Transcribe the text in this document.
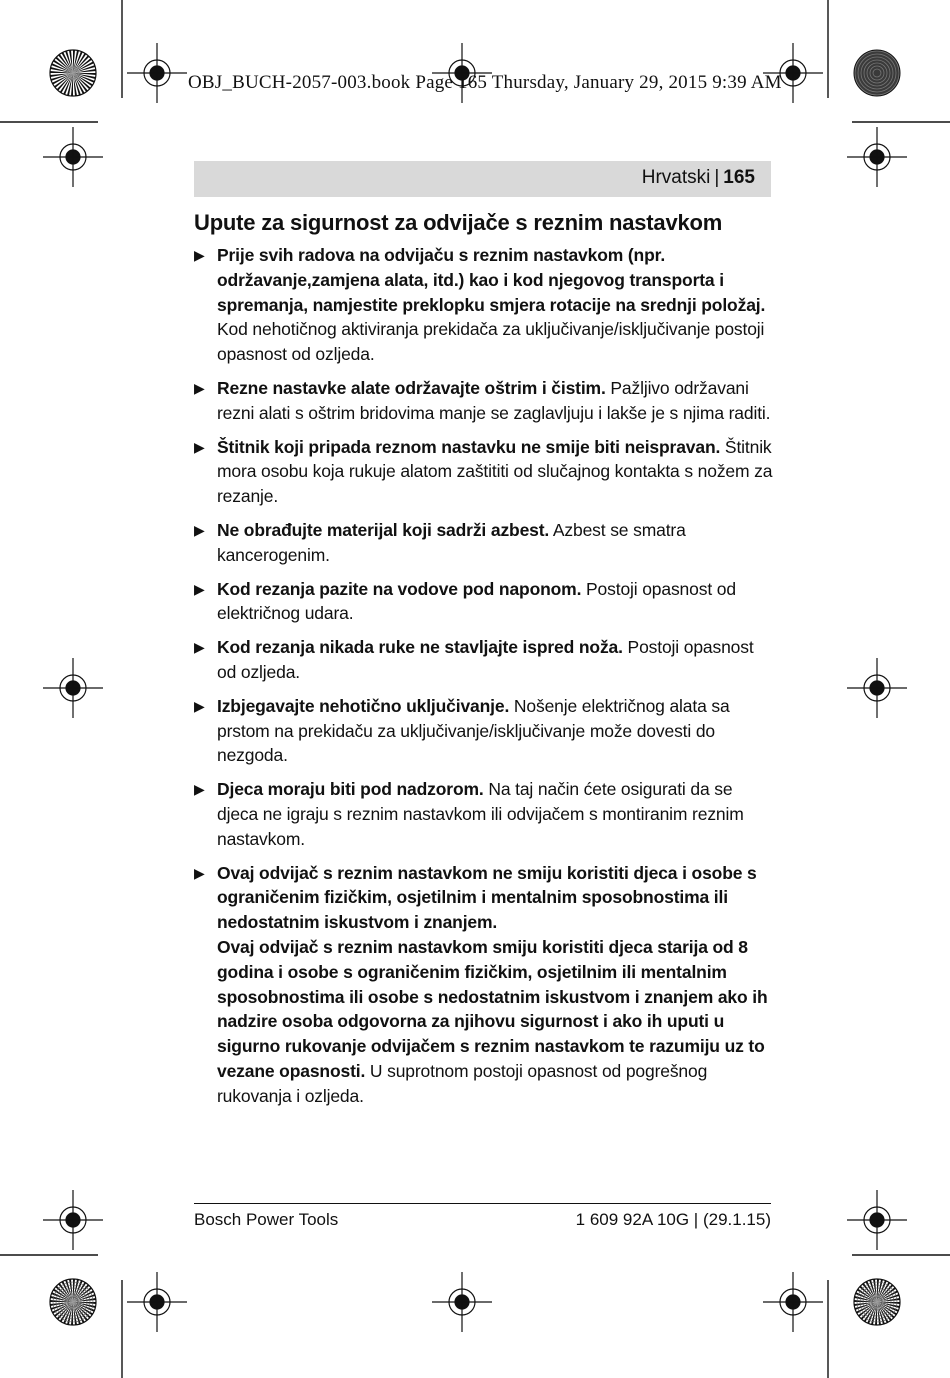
OBJ_BUCH-2057-003.book Page 165 Thursday, January 29, 2015 9:39 AM
Hrvatski | 165
Upute za sigurnost za odvijače s reznim nastavkom
▶ Prije svih radova na odvijaču s reznim nastavkom (npr. održavanje,zamjena alata, itd.) kao i kod njegovog transporta i spremanja, namjestite preklopku smjera rotacije na srednji položaj. Kod nehotičnog aktiviranja prekidača za uključivanje/isključivanje postoji opasnost od ozljeda.

▶ Rezne nastavke alate održavajte oštrim i čistim. Pažljivo održavani rezni alati s oštrim bridovima manje se zaglavljuju i lakše je s njima raditi.

▶ Štitnik koji pripada reznom nastavku ne smije biti neispravan. Štitnik mora osobu koja rukuje alatom zaštititi od slučajnog kontakta s nožem za rezanje.

▶ Ne obrađujte materijal koji sadrži azbest. Azbest se smatra kancerogenim.

▶ Kod rezanja pazite na vodove pod naponom. Postoji opasnost od električnog udara.

▶ Kod rezanja nikada ruke ne stavljajte ispred noža. Postoji opasnost od ozljeda.

▶ Izbjegavajte nehotično uključivanje. Nošenje električnog alata sa prstom na prekidaču za uključivanje/isključivanje može dovesti do nezgoda.

▶ Djeca moraju biti pod nadzorom. Na taj način ćete osigurati da se djeca ne igraju s reznim nastavkom ili odvijačem s montiranim reznim nastavkom.

▶ Ovaj odvijač s reznim nastavkom ne smiju koristiti djeca i osobe s ograničenim fizičkim, osjetilnim i mentalnim sposobnostima ili nedostatnim iskustvom i znanjem.

Ovaj odvijač s reznim nastavkom smiju koristiti djeca starija od 8 godina i osobe s ograničenim fizičkim, osjetilnim ili mentalnim sposobnostima ili osobe s nedostatnim iskustvom i znanjem ako ih nadzire osoba odgovorna za njihovu sigurnost i ako ih uputi u sigurno rukovanje odvijačem s reznim nastavkom te razumiju uz to vezane opasnosti. U suprotnom postoji opasnost od pogrešnog rukovanja i ozljeda.

Bosch Power Tools	1 609 92A 10G | (29.1.15)
